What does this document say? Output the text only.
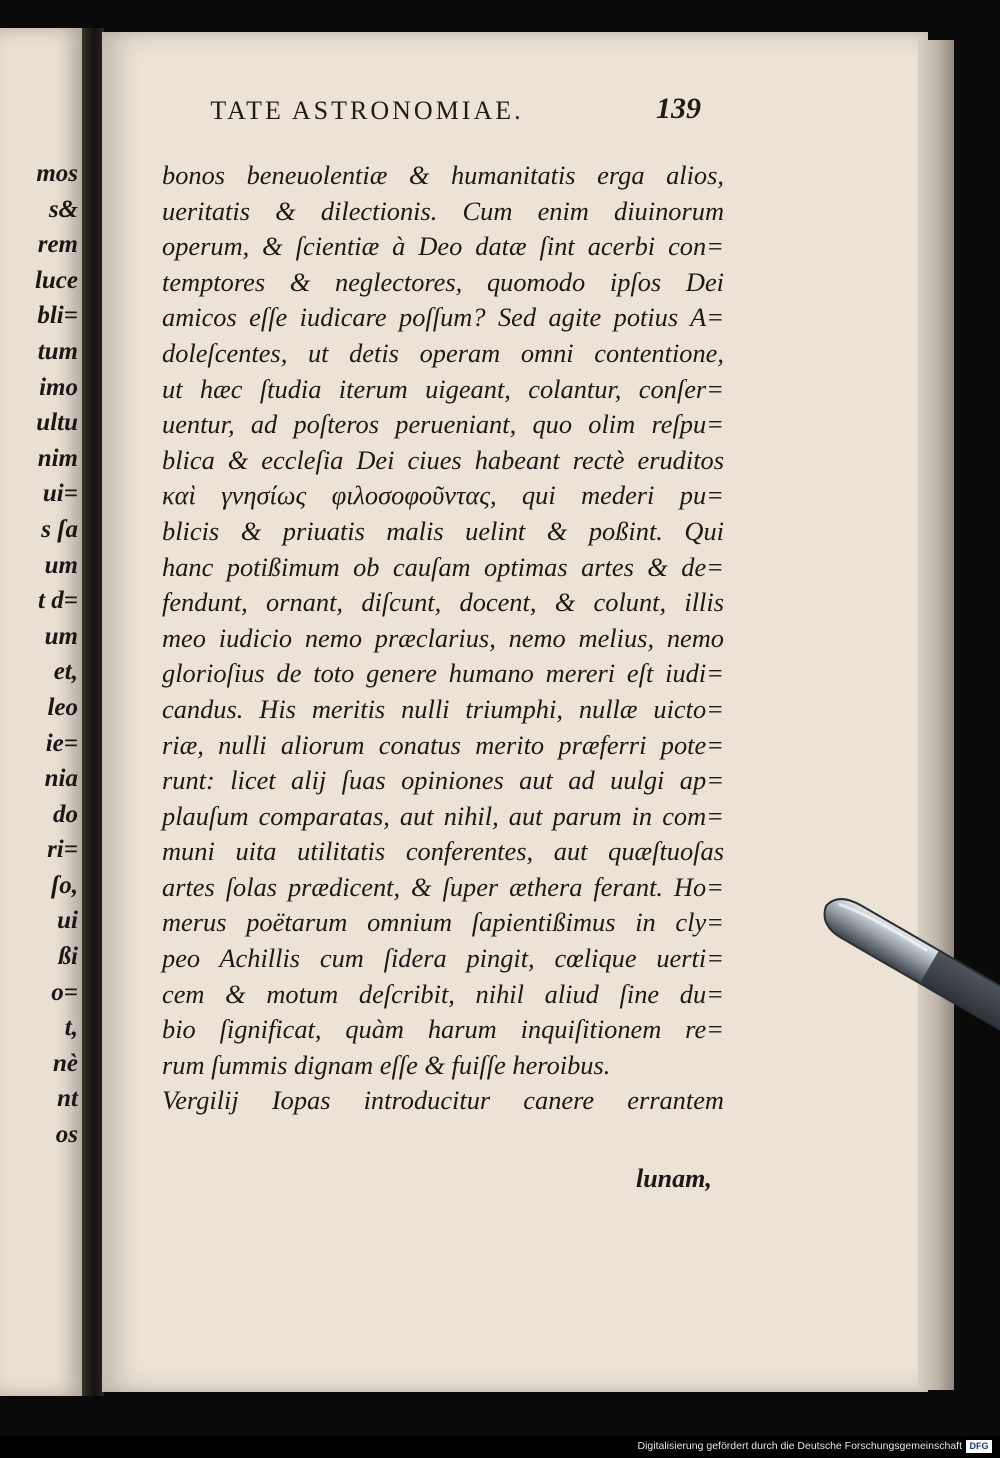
mos
s&
rem
luce
bli=
tum
imo
ultu
nim
ui=
s ſa
um
t d=
um
et,
leo
ie=
nia
do
ri=
ſo,
ui
ßi
o=
t,
nè
nt
os
TATE ASTRONOMIAE.	139
bonos beneuolentiæ & humanitatis erga alios,
ueritatis & dilectionis. Cum enim diuinorum
operum, & ſcientiæ à Deo datæ ſint acerbi con=
temptores & neglectores, quomodo ipſos Dei
amicos eſſe iudicare poſſum? Sed agite potius A=
doleſcentes, ut detis operam omni contentione,
ut hæc ſtudia iterum uigeant, colantur, conſer=
uentur, ad poſteros perueniant, quo olim reſpu=
blica & eccleſia Dei ciues habeant rectè eruditos
καὶ γνησίως φιλοσοφοῦντας, qui mederi pu=
blicis & priuatis malis uelint & poßint. Qui
hanc potißimum ob cauſam optimas artes & de=
fendunt, ornant, diſcunt, docent, & colunt, illis
meo iudicio nemo præclarius, nemo melius, nemo
glorioſius de toto genere humano mereri eſt iudi=
candus. His meritis nulli triumphi, nullæ uicto=
riæ, nulli aliorum conatus merito præferri pote=
runt: licet alij ſuas opiniones aut ad uulgi ap=
plauſum comparatas, aut nihil, aut parum in com=
muni uita utilitatis conferentes, aut quæſtuoſas
artes ſolas prædicent, & ſuper æthera ferant. Ho=
merus poëtarum omnium ſapientißimus in cly=
peo Achillis cum ſidera pingit, cœlique uerti=
cem & motum deſcribit, nihil aliud ſine du=
bio ſignificat, quàm harum inquiſitionem re=
rum ſummis dignam eſſe & fuiſſe heroibus.
Vergilij Iopas introducitur canere errantem
lunam,
Digitalisierung gefördert durch die Deutsche Forschungsgemeinschaft DFG
